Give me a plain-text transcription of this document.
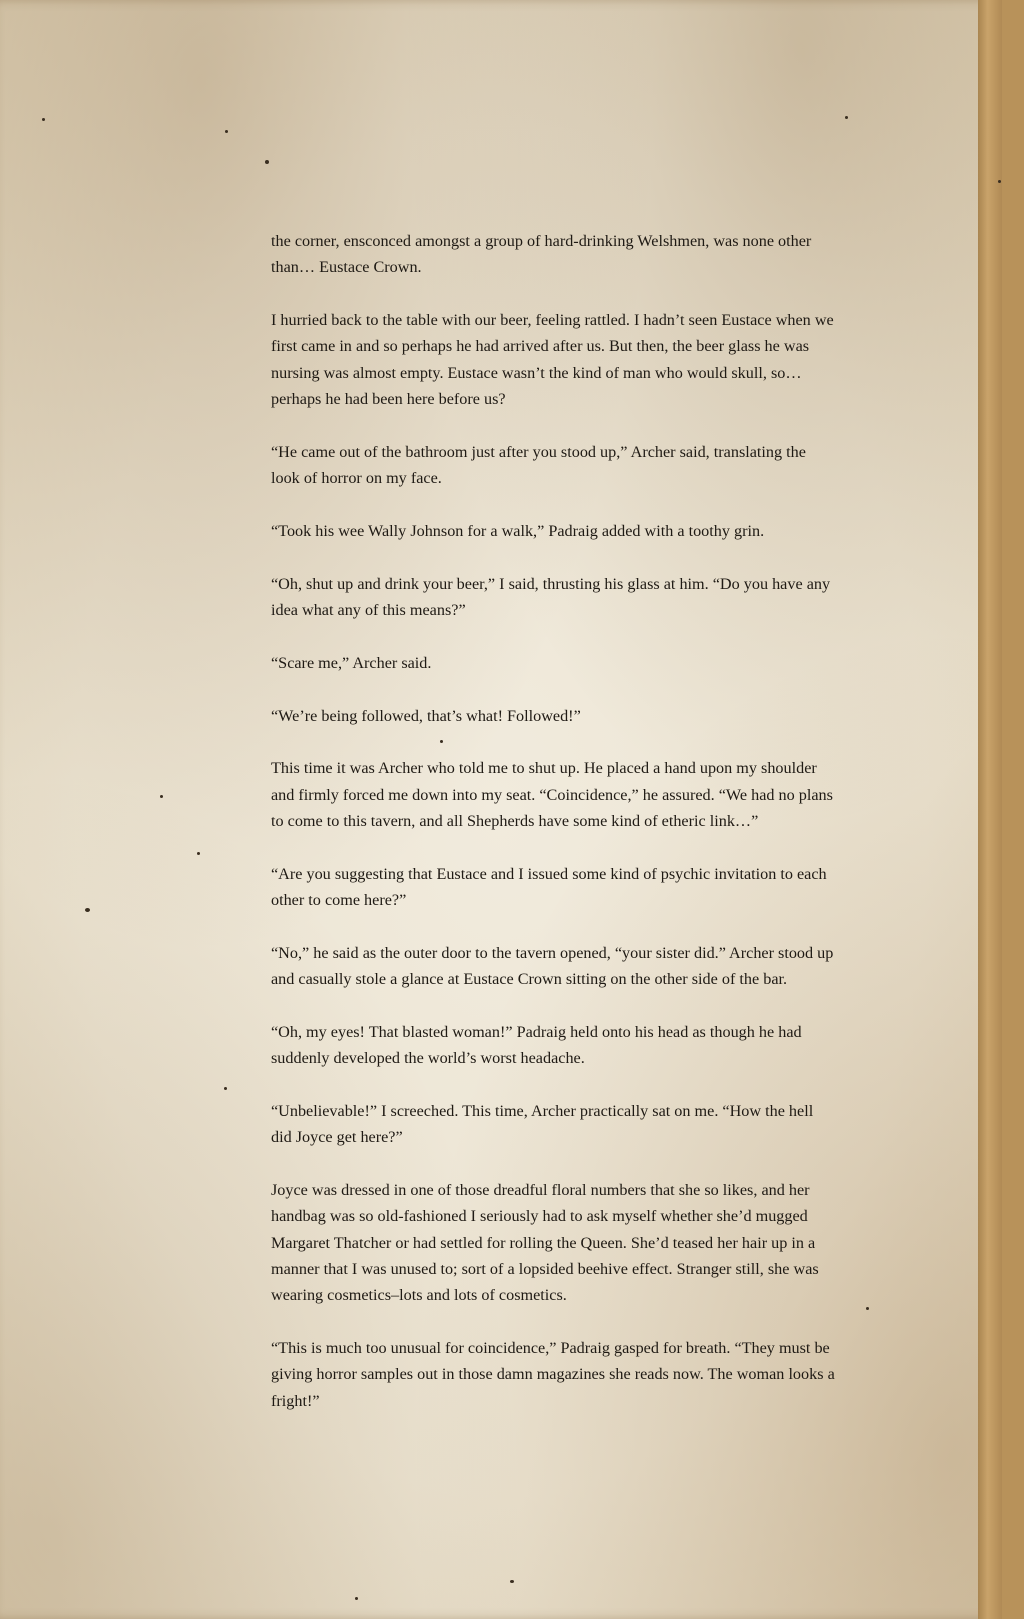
the corner, ensconced amongst a group of hard-drinking Welshmen, was none other than… Eustace Crown.

I hurried back to the table with our beer, feeling rattled. I hadn’t seen Eustace when we first came in and so perhaps he had arrived after us. But then, the beer glass he was nursing was almost empty. Eustace wasn’t the kind of man who would skull, so… perhaps he had been here before us?

“He came out of the bathroom just after you stood up,” Archer said, translating the look of horror on my face.

“Took his wee Wally Johnson for a walk,” Padraig added with a toothy grin.

“Oh, shut up and drink your beer,” I said, thrusting his glass at him. “Do you have any idea what any of this means?”

“Scare me,” Archer said.

“We’re being followed, that’s what! Followed!”

This time it was Archer who told me to shut up. He placed a hand upon my shoulder and firmly forced me down into my seat. “Coincidence,” he assured. “We had no plans to come to this tavern, and all Shepherds have some kind of etheric link…”

“Are you suggesting that Eustace and I issued some kind of psychic invitation to each other to come here?”

“No,” he said as the outer door to the tavern opened, “your sister did.” Archer stood up and casually stole a glance at Eustace Crown sitting on the other side of the bar.

“Oh, my eyes! That blasted woman!” Padraig held onto his head as though he had suddenly developed the world’s worst headache.

“Unbelievable!” I screeched. This time, Archer practically sat on me. “How the hell did Joyce get here?”

Joyce was dressed in one of those dreadful floral numbers that she so likes, and her handbag was so old-fashioned I seriously had to ask myself whether she’d mugged Margaret Thatcher or had settled for rolling the Queen. She’d teased her hair up in a manner that I was unused to; sort of a lopsided beehive effect. Stranger still, she was wearing cosmetics–lots and lots of cosmetics.

“This is much too unusual for coincidence,” Padraig gasped for breath. “They must be giving horror samples out in those damn magazines she reads now. The woman looks a fright!”
